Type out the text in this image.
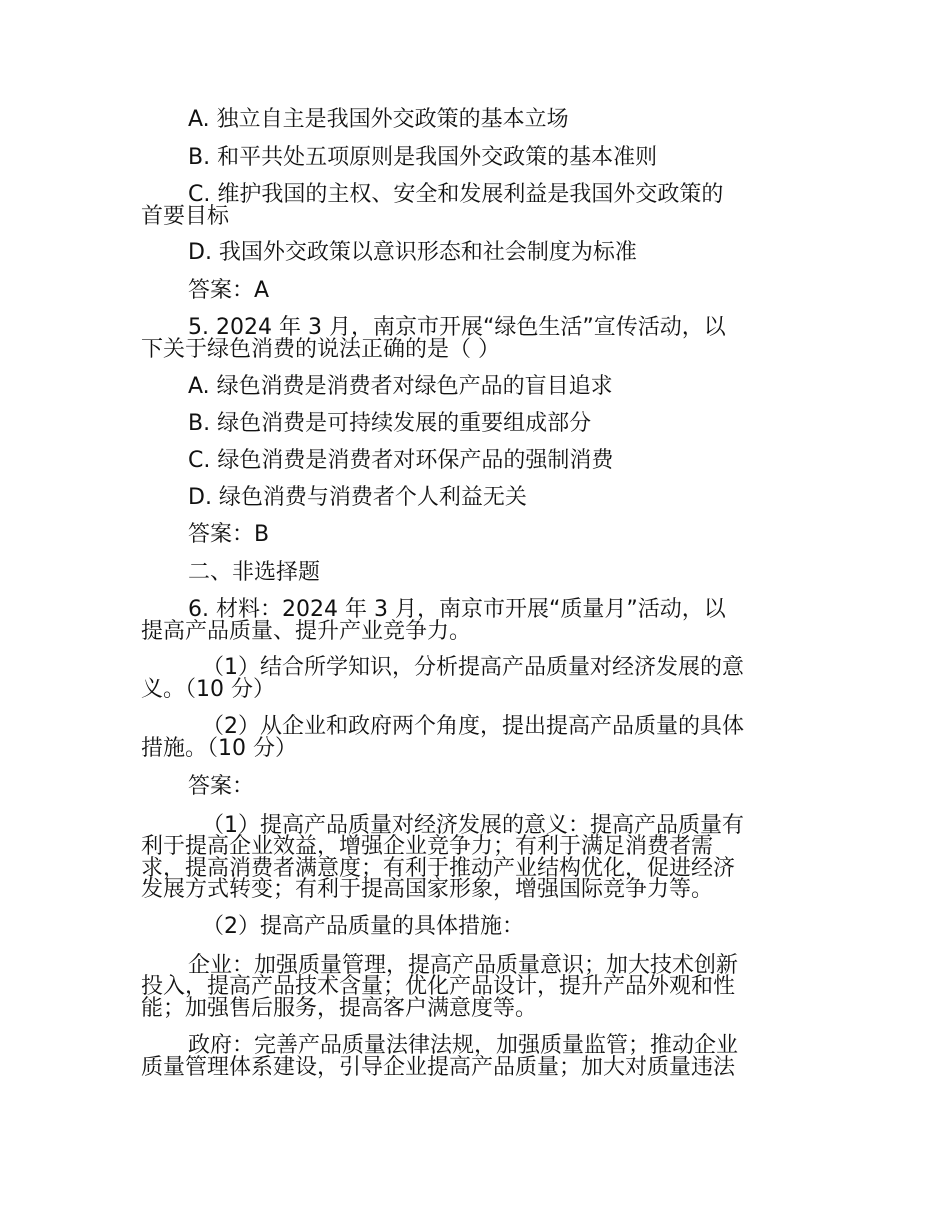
A. 独立自主是我国外交政策的基本立场
B. 和平共处五项原则是我国外交政策的基本准则
C. 维护我国的主权、安全和发展利益是我国外交政策的
首要目标
D. 我国外交政策以意识形态和社会制度为标准
答案：A
5. 2024 年 3 月，南京市开展“绿色生活”宣传活动，以
下关于绿色消费的说法正确的是（ ）
A. 绿色消费是消费者对绿色产品的盲目追求
B. 绿色消费是可持续发展的重要组成部分
C. 绿色消费是消费者对环保产品的强制消费
D. 绿色消费与消费者个人利益无关
答案：B
二、非选择题
6. 材料：2024 年 3 月，南京市开展“质量月”活动，以
提高产品质量、提升产业竞争力。
（1）结合所学知识，分析提高产品质量对经济发展的意
义。（10 分）
（2）从企业和政府两个角度，提出提高产品质量的具体
措施。（10 分）
答案：
（1）提高产品质量对经济发展的意义：提高产品质量有
利于提高企业效益，增强企业竞争力；有利于满足消费者需
求，提高消费者满意度；有利于推动产业结构优化，促进经济
发展方式转变；有利于提高国家形象，增强国际竞争力等。
（2）提高产品质量的具体措施：
企业：加强质量管理，提高产品质量意识；加大技术创新
投入，提高产品技术含量；优化产品设计，提升产品外观和性
能；加强售后服务，提高客户满意度等。
政府：完善产品质量法律法规，加强质量监管；推动企业
质量管理体系建设，引导企业提高产品质量；加大对质量违法
